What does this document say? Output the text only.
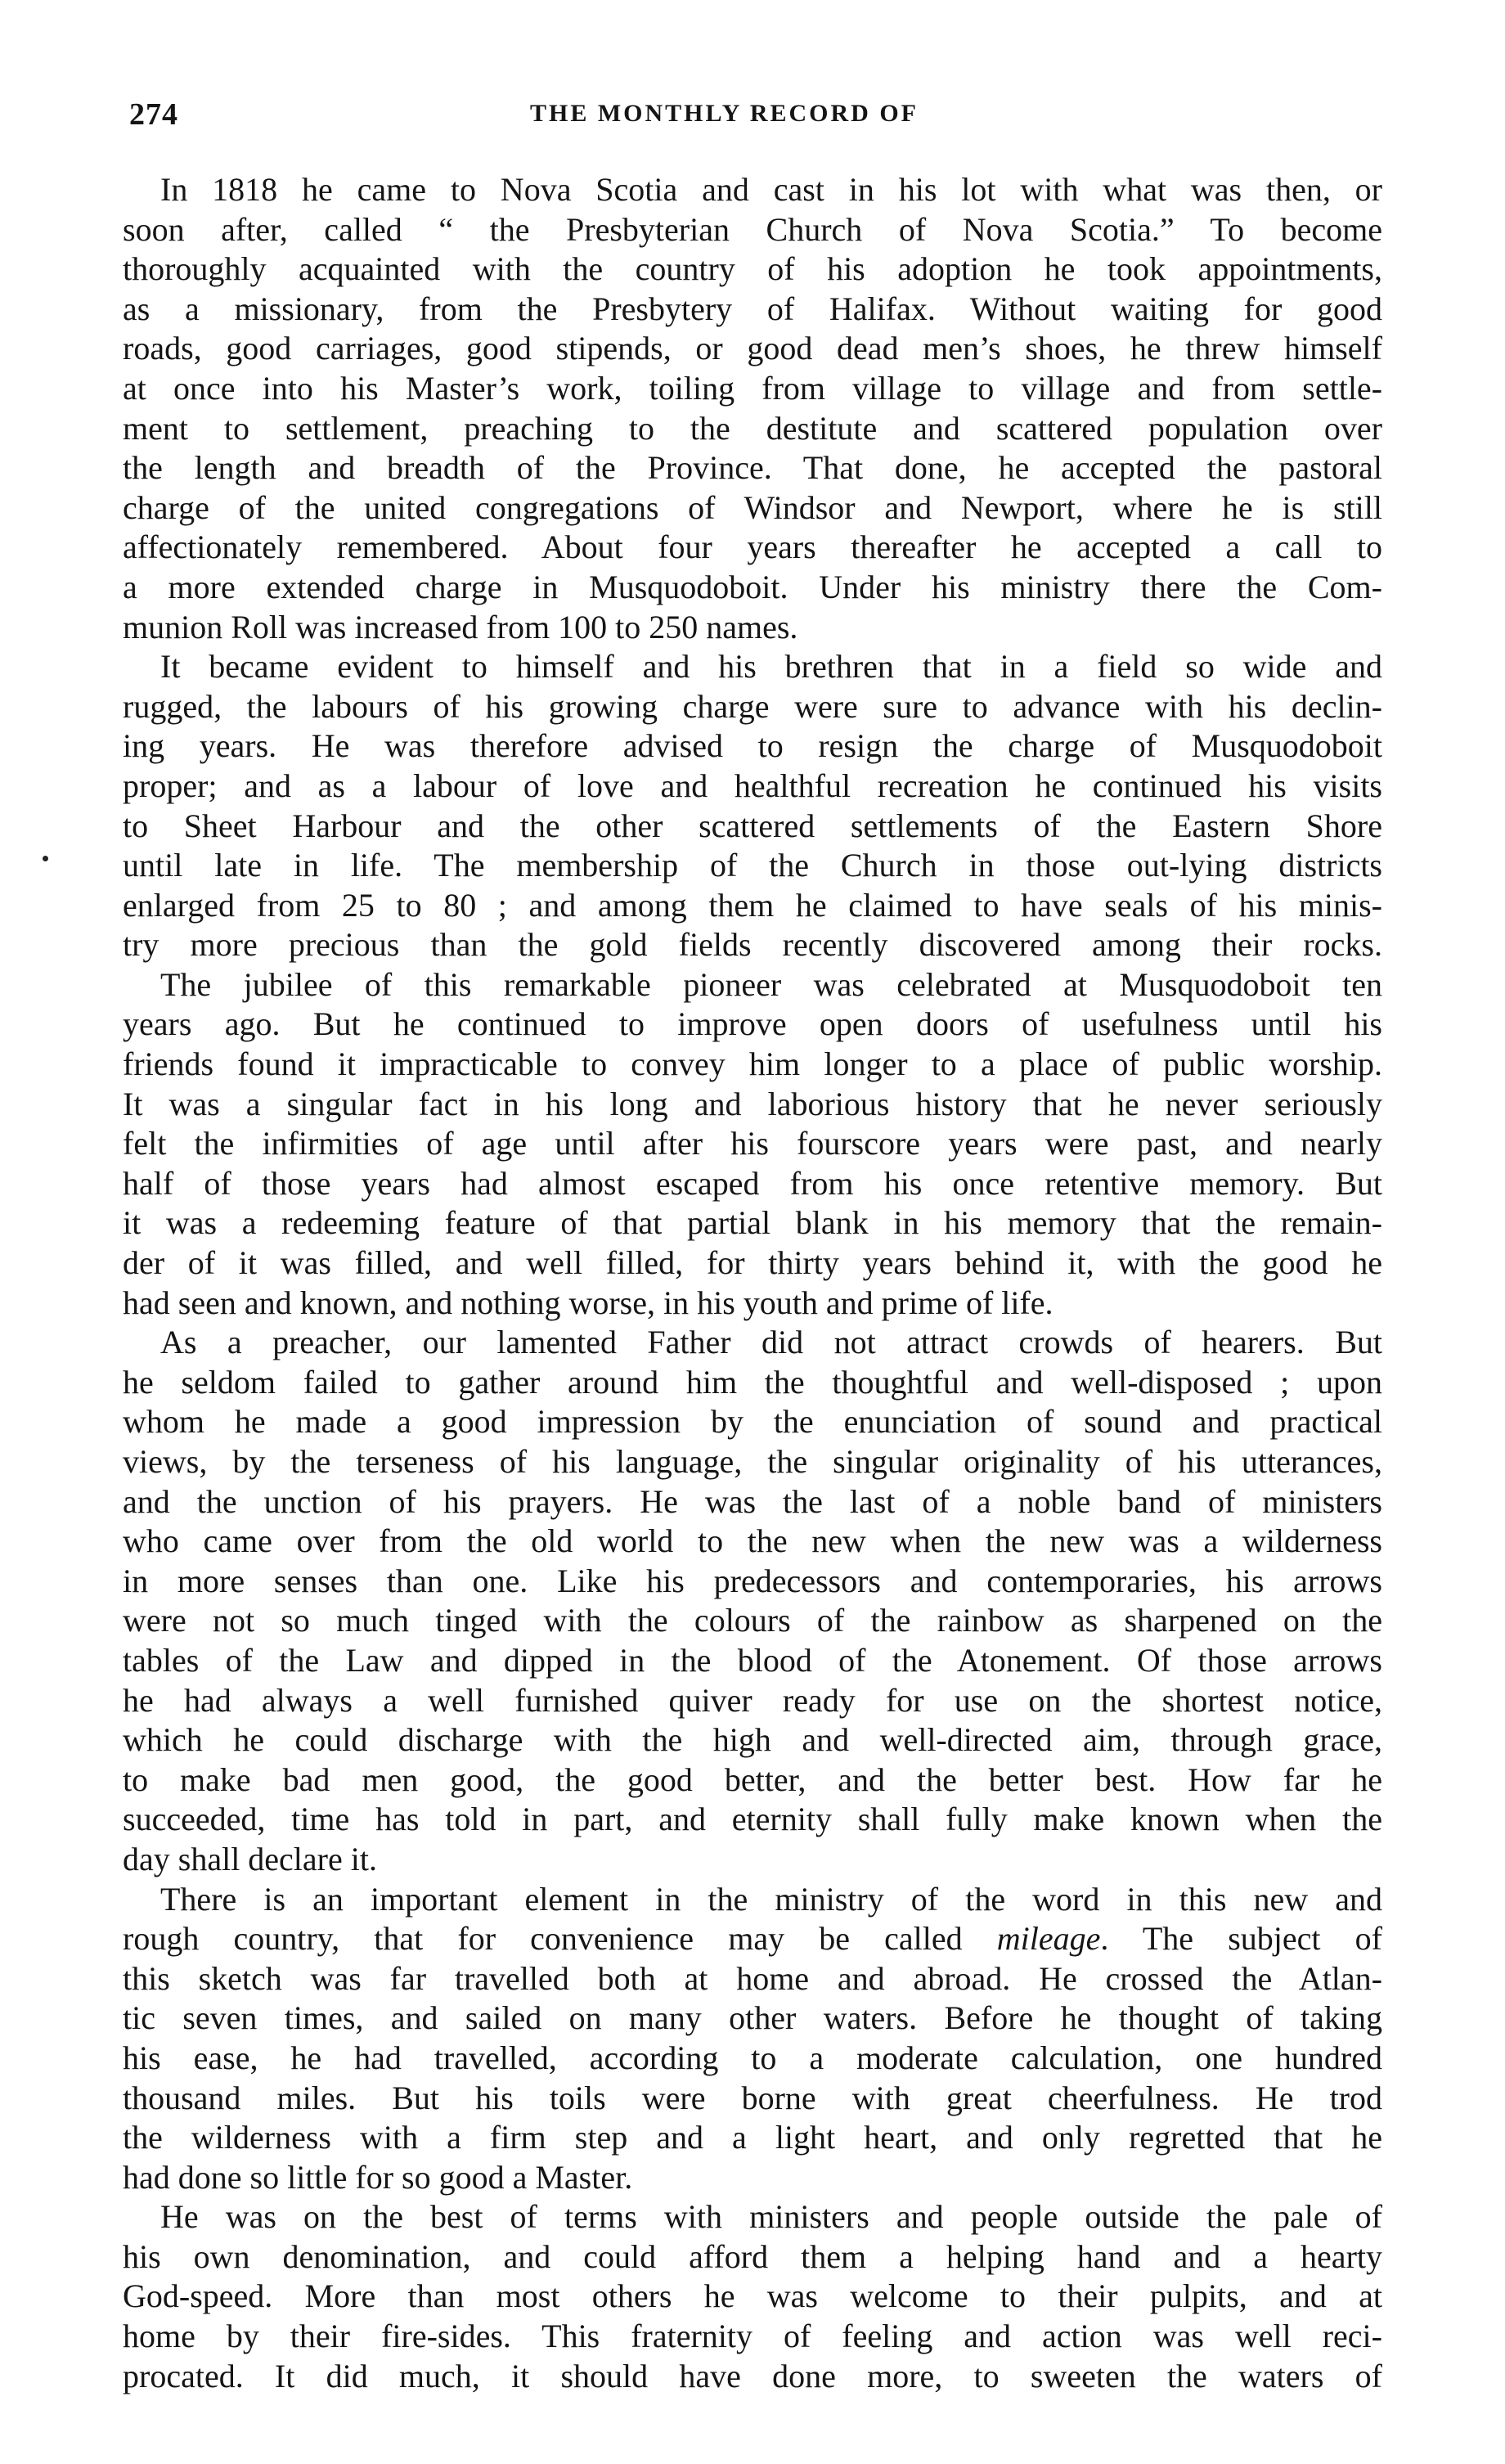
274	THE MONTHLY RECORD OF
In 1818 he came to Nova Scotia and cast in his lot with what was then, or
soon after, called “ the Presbyterian Church of Nova Scotia.” To become
thoroughly acquainted with the country of his adoption he took appointments,
as a missionary, from the Presbytery of Halifax. Without waiting for good
roads, good carriages, good stipends, or good dead men’s shoes, he threw himself
at once into his Master’s work, toiling from village to village and from settle-
ment to settlement, preaching to the destitute and scattered population over
the length and breadth of the Province. That done, he accepted the pastoral
charge of the united congregations of Windsor and Newport, where he is still
affectionately remembered. About four years thereafter he accepted a call to
a more extended charge in Musquodoboit. Under his ministry there the Com-
munion Roll was increased from 100 to 250 names.
It became evident to himself and his brethren that in a field so wide and
rugged, the labours of his growing charge were sure to advance with his declin-
ing years. He was therefore advised to resign the charge of Musquodoboit
proper; and as a labour of love and healthful recreation he continued his visits
to Sheet Harbour and the other scattered settlements of the Eastern Shore
until late in life. The membership of the Church in those out-lying districts
enlarged from 25 to 80 ; and among them he claimed to have seals of his minis-
try more precious than the gold fields recently discovered among their rocks.
The jubilee of this remarkable pioneer was celebrated at Musquodoboit ten
years ago. But he continued to improve open doors of usefulness until his
friends found it impracticable to convey him longer to a place of public worship.
It was a singular fact in his long and laborious history that he never seriously
felt the infirmities of age until after his fourscore years were past, and nearly
half of those years had almost escaped from his once retentive memory. But
it was a redeeming feature of that partial blank in his memory that the remain-
der of it was filled, and well filled, for thirty years behind it, with the good he
had seen and known, and nothing worse, in his youth and prime of life.
As a preacher, our lamented Father did not attract crowds of hearers. But
he seldom failed to gather around him the thoughtful and well-disposed ; upon
whom he made a good impression by the enunciation of sound and practical
views, by the terseness of his language, the singular originality of his utterances,
and the unction of his prayers. He was the last of a noble band of ministers
who came over from the old world to the new when the new was a wilderness
in more senses than one. Like his predecessors and contemporaries, his arrows
were not so much tinged with the colours of the rainbow as sharpened on the
tables of the Law and dipped in the blood of the Atonement. Of those arrows
he had always a well furnished quiver ready for use on the shortest notice,
which he could discharge with the high and well-directed aim, through grace,
to make bad men good, the good better, and the better best. How far he
succeeded, time has told in part, and eternity shall fully make known when the
day shall declare it.
There is an important element in the ministry of the word in this new and
rough country, that for convenience may be called mileage. The subject of
this sketch was far travelled both at home and abroad. He crossed the Atlan-
tic seven times, and sailed on many other waters. Before he thought of taking
his ease, he had travelled, according to a moderate calculation, one hundred
thousand miles. But his toils were borne with great cheerfulness. He trod
the wilderness with a firm step and a light heart, and only regretted that he
had done so little for so good a Master.
He was on the best of terms with ministers and people outside the pale of
his own denomination, and could afford them a helping hand and a hearty
God-speed. More than most others he was welcome to their pulpits, and at
home by their fire-sides. This fraternity of feeling and action was well reci-
procated. It did much, it should have done more, to sweeten the waters of
